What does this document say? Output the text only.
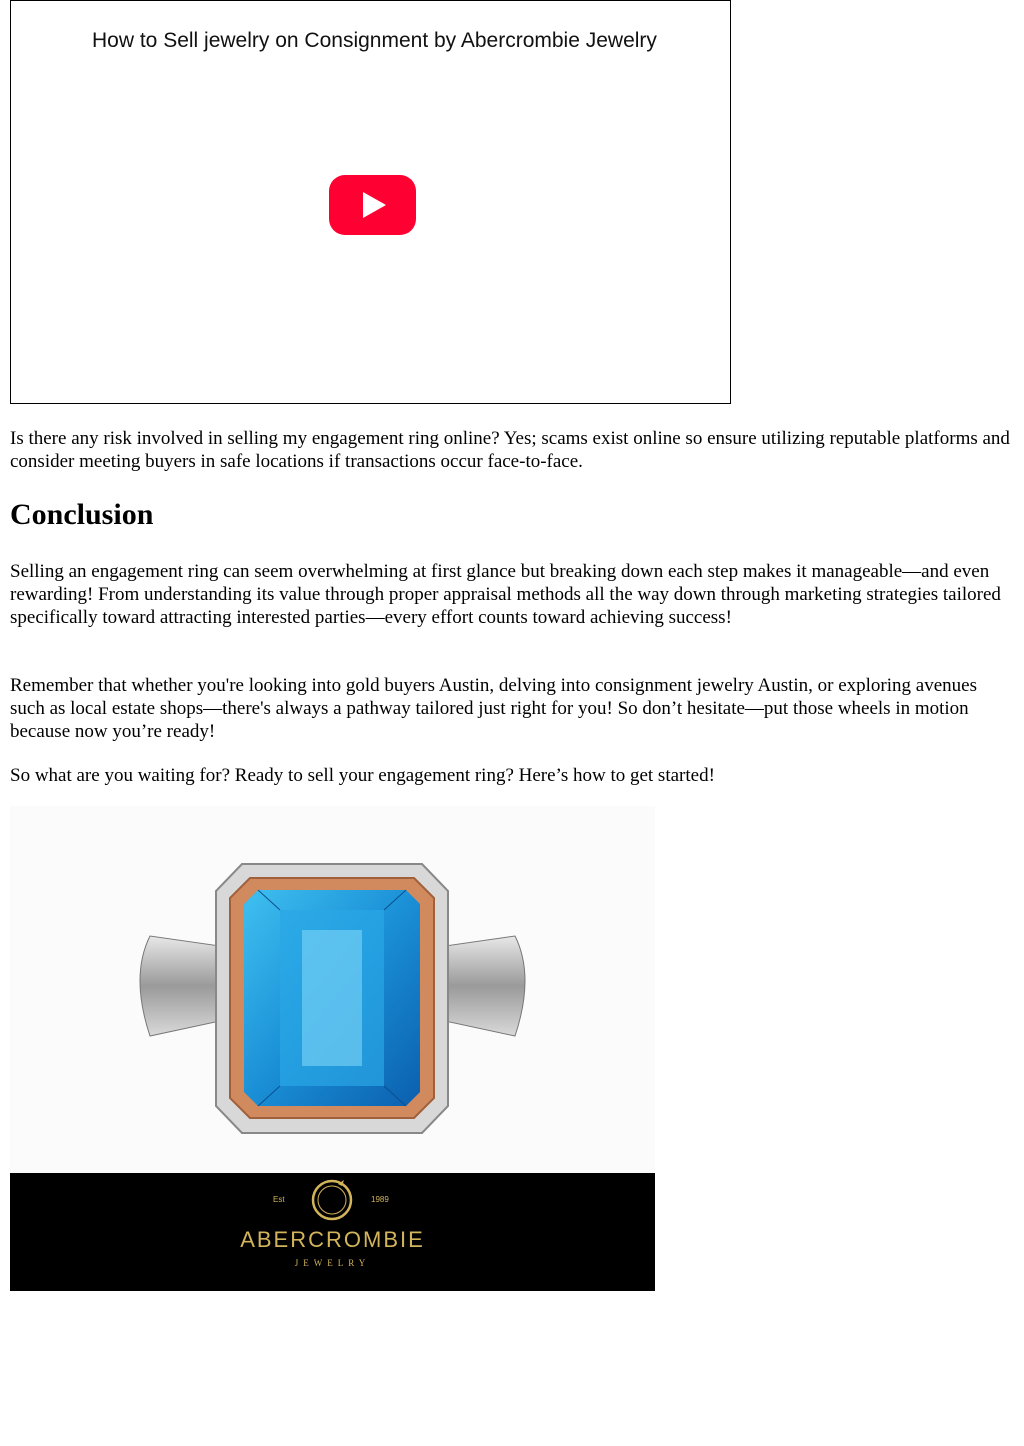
How to Sell jewelry on Consignment by Abercrombie Jewelry

Is there any risk involved in selling my engagement ring online? Yes; scams exist online so ensure utilizing reputable platforms and consider meeting buyers in safe locations if transactions occur face-to-face.

Conclusion

Selling an engagement ring can seem overwhelming at first glance but breaking down each step makes it manageable—and even rewarding! From understanding its value through proper appraisal methods all the way down through marketing strategies tailored specifically toward attracting interested parties—every effort counts toward achieving success!

Remember that whether you're looking into gold buyers Austin, delving into consignment jewelry Austin, or exploring avenues such as local estate shops—there's always a pathway tailored just right for you! So don’t hesitate—put those wheels in motion because now you’re ready!

So what are you waiting for? Ready to sell your engagement ring? Here’s how to get started!

Est	1989
ABERCROMBIE
JEWELRY
